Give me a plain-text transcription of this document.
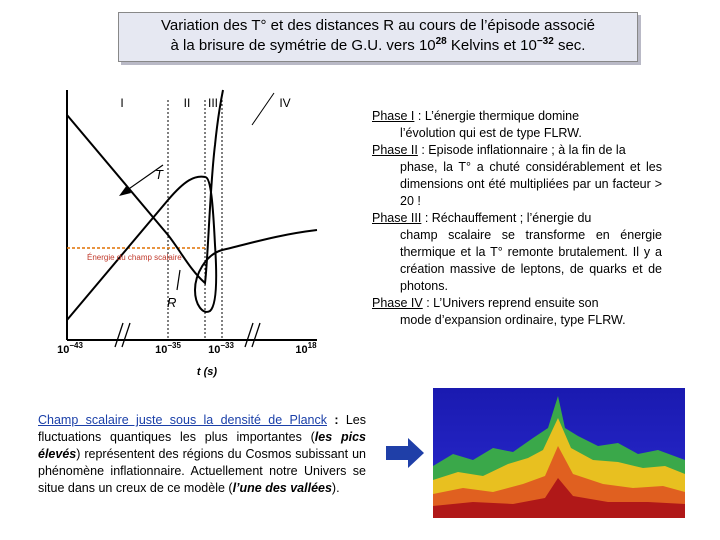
Variation des T° et des distances R au cours de l’épisode associé
à la brisure de symétrie de G.U. vers $10^{28}$ Kelvins et $10^{-32}$ sec.
I	II III	IV
T
R
Énergie du champ scalaire
t (s)
$10^{-43}$	$10^{-35}$ $10^{-33}$	$10^{18}$
Phase I : L’énergie thermique domine
l’évolution qui est de type FLRW.
Phase II : Episode inflationnaire ; à la fin de la
phase, la T° a chuté considérablement et les dimensions ont été multipliées par un facteur > 20 !
Phase III : Réchauffement ; l’énergie du
champ scalaire se transforme en énergie thermique et la T° remonte brutalement. Il y a création massive de leptons, de quarks et de photons.
Phase IV : L’Univers reprend ensuite son
mode d’expansion ordinaire, type FLRW.
Champ scalaire juste sous la densité de Planck : Les fluctuations quantiques les plus importantes (les pics élevés) représentent des régions du Cosmos subissant un phénomène inflationnaire. Actuellement notre Univers se situe dans un creux de ce modèle (l’une des vallées).
